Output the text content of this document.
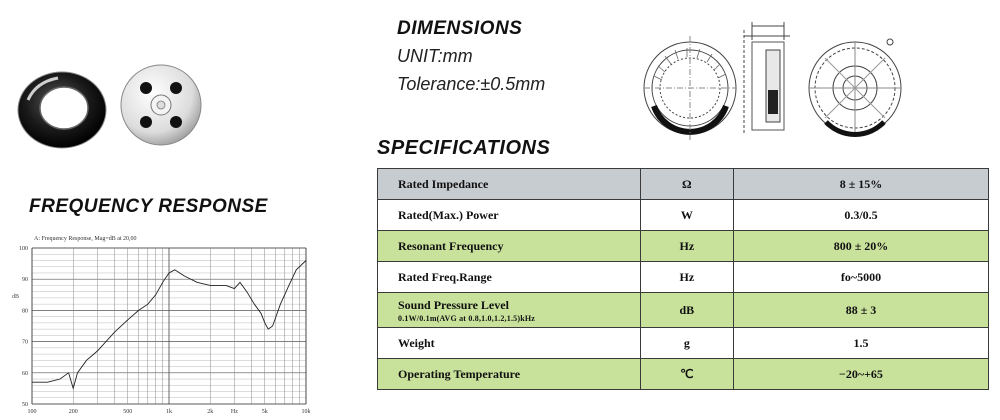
FREQUENCY RESPONSE
DIMENSIONS
UNIT:mm
Tolerance:±0.5mm
SPECIFICATIONS
100
90
80
70
60
50
100	200	500	1k	2k	Hz	5k	10k
dB
A: Frequency Response, Mag=dB at 20,00
Rated Impedance	Ω	8 ± 15%
Rated(Max.) Power	W	0.3/0.5
Resonant Frequency	Hz	800 ± 20%
Rated Freq.Range	Hz	fo~5000
Sound Pressure Level
0.1W/0.1m(AVG at 0.8,1.0,1.2,1.5)kHz	dB	88 ± 3
Weight	g	1.5
Operating Temperature	℃	−20~+65
